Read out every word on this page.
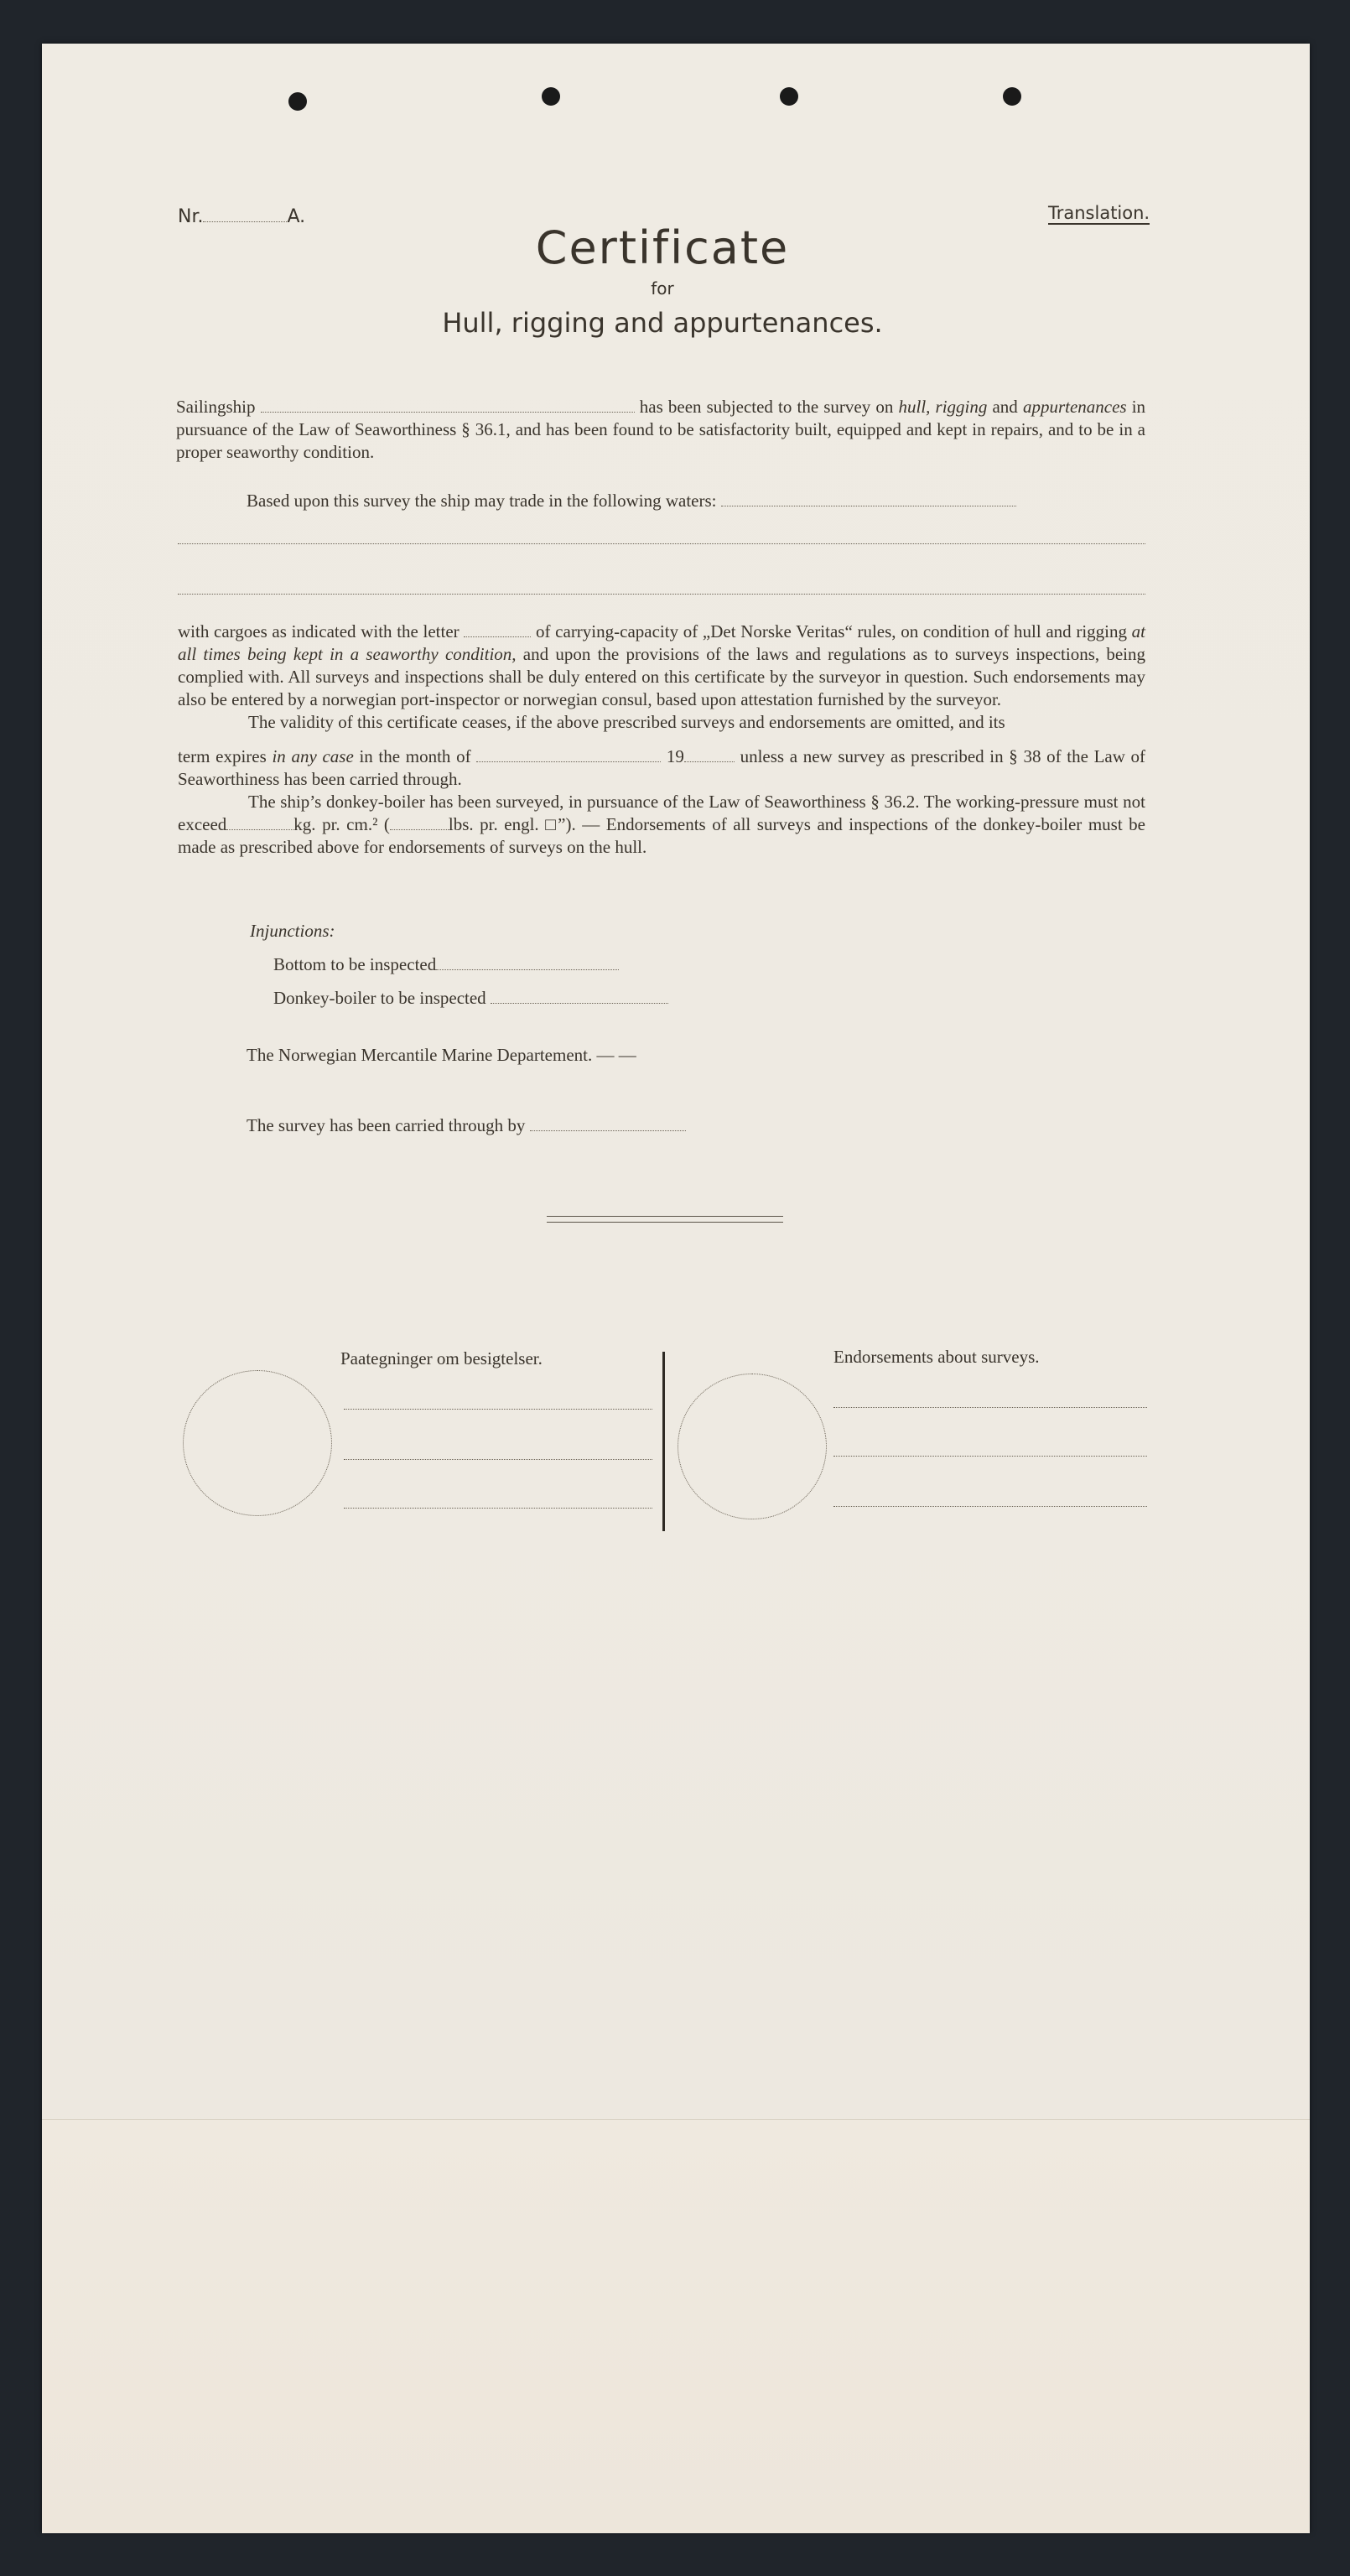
Nr.	A.	Translation.
Certificate
for
Hull, rigging and appurtenances.

Sailingship	has been subjected to the survey on hull, rigging and appurtenances in pursuance of the Law of Seaworthiness § 36.1, and has been found to be satisfactority built, equipped and kept in repairs, and to be in a proper seaworthy condition.

Based upon this survey the ship may trade in the following waters:

with cargoes as indicated with the letter	of carrying-capacity of „Det Norske Veritas“ rules, on condition of hull and rigging at all times being kept in a seaworthy condition, and upon the provisions of the laws and regulations as to surveys inspections, being complied with. All surveys and inspections shall be duly entered on this certificate by the surveyor in question. Such endorsements may also be entered by a norwegian port-inspector or norwegian consul, based upon attestation furnished by the surveyor.

The validity of this certificate ceases, if the above prescribed surveys and endorsements are omitted, and its

term expires in any case in the month of	19	unless a new survey as prescribed in § 38 of the Law of Seaworthiness has been carried through.

The ship’s donkey-boiler has been surveyed, in pursuance of the Law of Seaworthiness § 36.2. The working-pressure must not exceed	kg. pr. cm.² (	lbs. pr. engl. □”). — Endorsements of all surveys and inspections of the donkey-boiler must be made as prescribed above for endorsements of surveys on the hull.

Injunctions:
Bottom to be inspected
Donkey-boiler to be inspected
The Norwegian Mercantile Marine Departement. — —
The survey has been carried through by
Paategninger om besigtelser.	Endorsements about surveys.
